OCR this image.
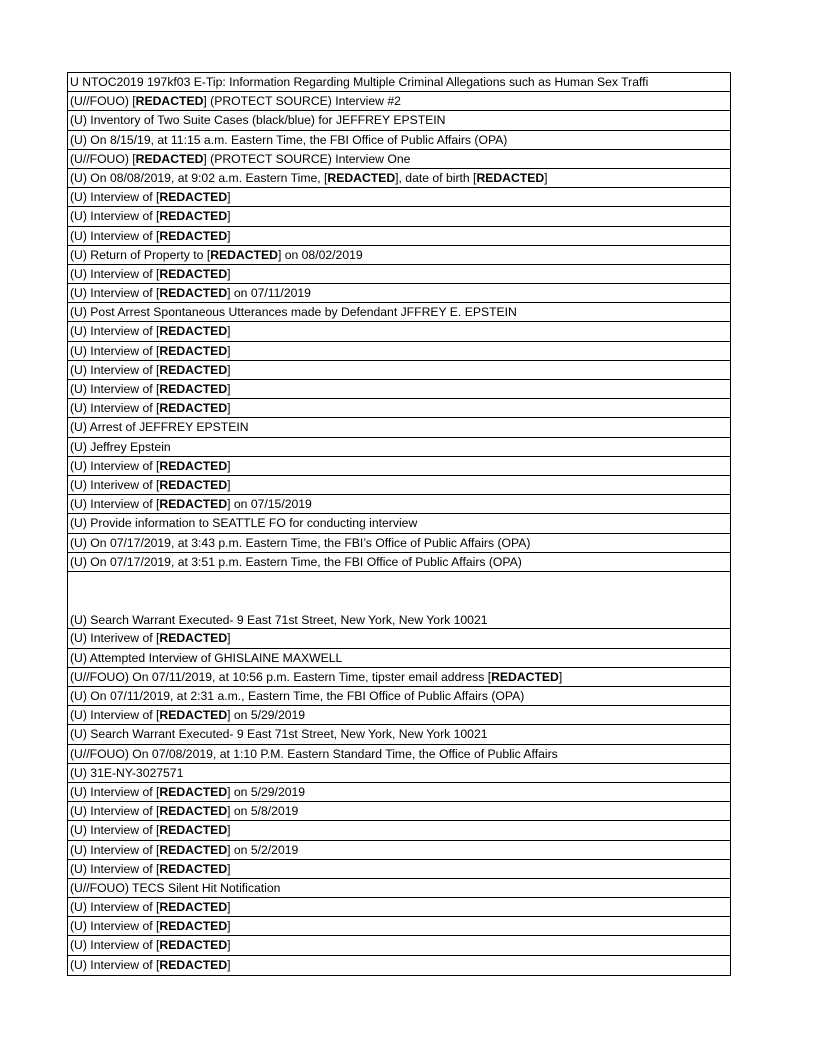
U NTOC2019 197kf03 E-Tip: Information Regarding Multiple Criminal Allegations such as Human Sex Traffi
(U//FOUO) [REDACTED] (PROTECT SOURCE) Interview #2
(U) Inventory of Two Suite Cases (black/blue) for JEFFREY EPSTEIN
(U) On 8/15/19, at 11:15 a.m. Eastern Time, the FBI Office of Public Affairs (OPA)
(U//FOUO) [REDACTED] (PROTECT SOURCE) Interview One
(U) On 08/08/2019, at 9:02 a.m. Eastern Time, [REDACTED], date of birth [REDACTED]
(U) Interview of [REDACTED]
(U) Interview of [REDACTED]
(U) Interview of [REDACTED]
(U) Return of Property to [REDACTED] on 08/02/2019
(U) Interview of [REDACTED]
(U) Interview of [REDACTED] on 07/11/2019
(U) Post Arrest Spontaneous Utterances made by Defendant JFFREY E. EPSTEIN
(U) Interview of [REDACTED]
(U) Interview of [REDACTED]
(U) Interview of [REDACTED]
(U) Interview of [REDACTED]
(U) Interview of [REDACTED]
(U) Arrest of JEFFREY EPSTEIN
(U) Jeffrey Epstein
(U) Interview of [REDACTED]
(U) Interivew of [REDACTED]
(U) Interview of [REDACTED] on 07/15/2019
(U) Provide information to SEATTLE FO for conducting interview
(U) On 07/17/2019, at 3:43 p.m. Eastern Time, the FBI’s Office of Public Affairs (OPA)
(U) On 07/17/2019, at 3:51 p.m. Eastern Time, the FBI Office of Public Affairs (OPA)
(U) Search Warrant Executed- 9 East 71st Street, New York, New York 10021
(U) Interivew of [REDACTED]
(U) Attempted Interview of GHISLAINE MAXWELL
(U//FOUO) On 07/11/2019, at 10:56 p.m. Eastern Time, tipster email address [REDACTED]
(U) On 07/11/2019, at 2:31 a.m., Eastern Time, the FBI Office of Public Affairs (OPA)
(U) Interview of [REDACTED] on 5/29/2019
(U) Search Warrant Executed- 9 East 71st Street, New York, New York 10021
(U//FOUO) On 07/08/2019, at 1:10 P.M. Eastern Standard Time, the Office of Public Affairs
(U) 31E-NY-3027571
(U) Interview of [REDACTED] on 5/29/2019
(U) Interview of [REDACTED] on 5/8/2019
(U) Interview of [REDACTED]
(U) Interview of [REDACTED] on 5/2/2019
(U) Interview of [REDACTED]
(U//FOUO) TECS Silent Hit Notification
(U) Interview of [REDACTED]
(U) Interview of [REDACTED]
(U) Interview of [REDACTED]
(U) Interview of [REDACTED]
